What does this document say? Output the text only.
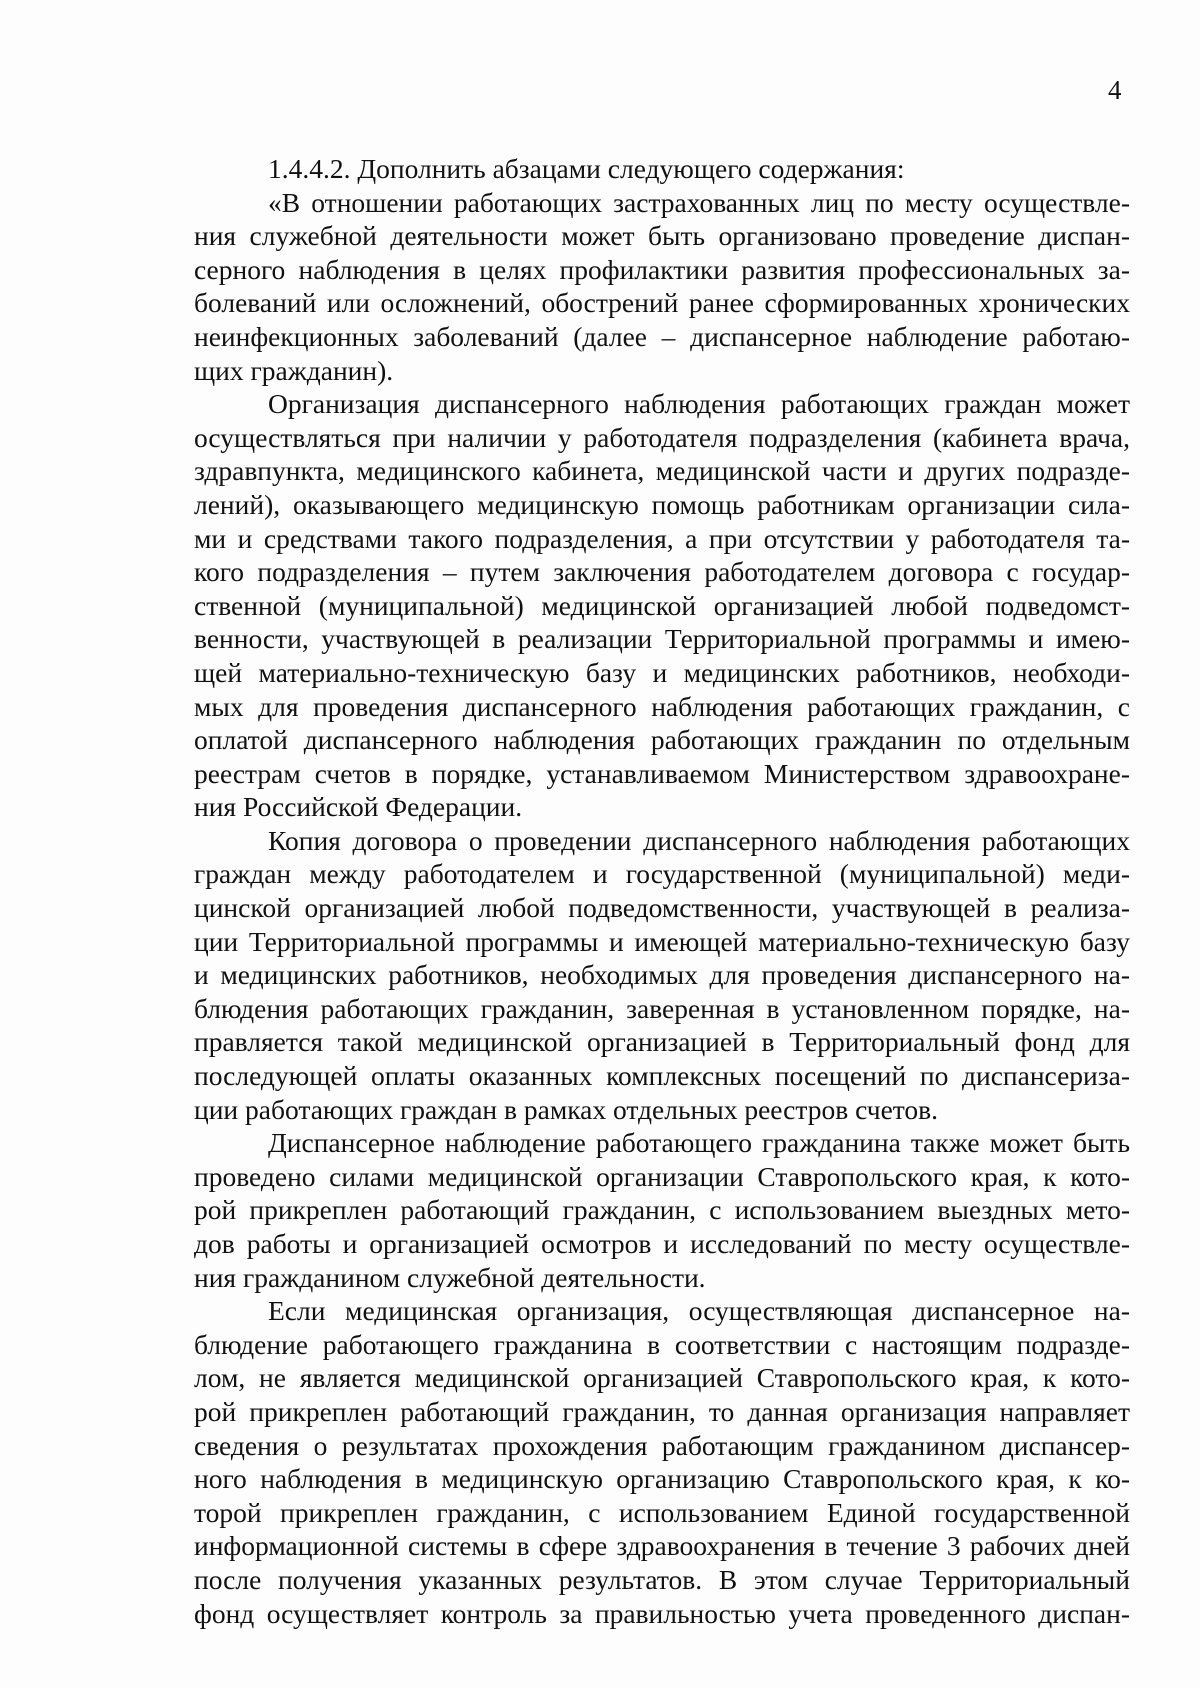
4
1.4.4.2. Дополнить абзацами следующего содержания:
«В отношении работающих застрахованных лиц по месту осуществле-
ния служебной деятельности может быть организовано проведение диспан-
серного наблюдения в целях профилактики развития профессиональных за-
болеваний или осложнений, обострений ранее сформированных хронических
неинфекционных заболеваний (далее – диспансерное наблюдение работаю-
щих гражданин).
Организация диспансерного наблюдения работающих граждан может
осуществляться при наличии у работодателя подразделения (кабинета врача,
здравпункта, медицинского кабинета, медицинской части и других подразде-
лений), оказывающего медицинскую помощь работникам организации сила-
ми и средствами такого подразделения, а при отсутствии у работодателя та-
кого подразделения – путем заключения работодателем договора с государ-
ственной (муниципальной) медицинской организацией любой подведомст-
венности, участвующей в реализации Территориальной программы и имею-
щей материально-техническую базу и медицинских работников, необходи-
мых для проведения диспансерного наблюдения работающих гражданин, с
оплатой диспансерного наблюдения работающих гражданин по отдельным
реестрам счетов в порядке, устанавливаемом Министерством здравоохране-
ния Российской Федерации.
Копия договора о проведении диспансерного наблюдения работающих
граждан между работодателем и государственной (муниципальной) меди-
цинской организацией любой подведомственности, участвующей в реализа-
ции Территориальной программы и имеющей материально-техническую базу
и медицинских работников, необходимых для проведения диспансерного на-
блюдения работающих гражданин, заверенная в установленном порядке, на-
правляется такой медицинской организацией в Территориальный фонд для
последующей оплаты оказанных комплексных посещений по диспансериза-
ции работающих граждан в рамках отдельных реестров счетов.
Диспансерное наблюдение работающего гражданина также может быть
проведено силами медицинской организации Ставропольского края, к кото-
рой прикреплен работающий гражданин, с использованием выездных мето-
дов работы и организацией осмотров и исследований по месту осуществле-
ния гражданином служебной деятельности.
Если медицинская организация, осуществляющая диспансерное на-
блюдение работающего гражданина в соответствии с настоящим подразде-
лом, не является медицинской организацией Ставропольского края, к кото-
рой прикреплен работающий гражданин, то данная организация направляет
сведения о результатах прохождения работающим гражданином диспансер-
ного наблюдения в медицинскую организацию Ставропольского края, к ко-
торой прикреплен гражданин, с использованием Единой государственной
информационной системы в сфере здравоохранения в течение 3 рабочих дней
после получения указанных результатов. В этом случае Территориальный
фонд осуществляет контроль за правильностью учета проведенного диспан-
